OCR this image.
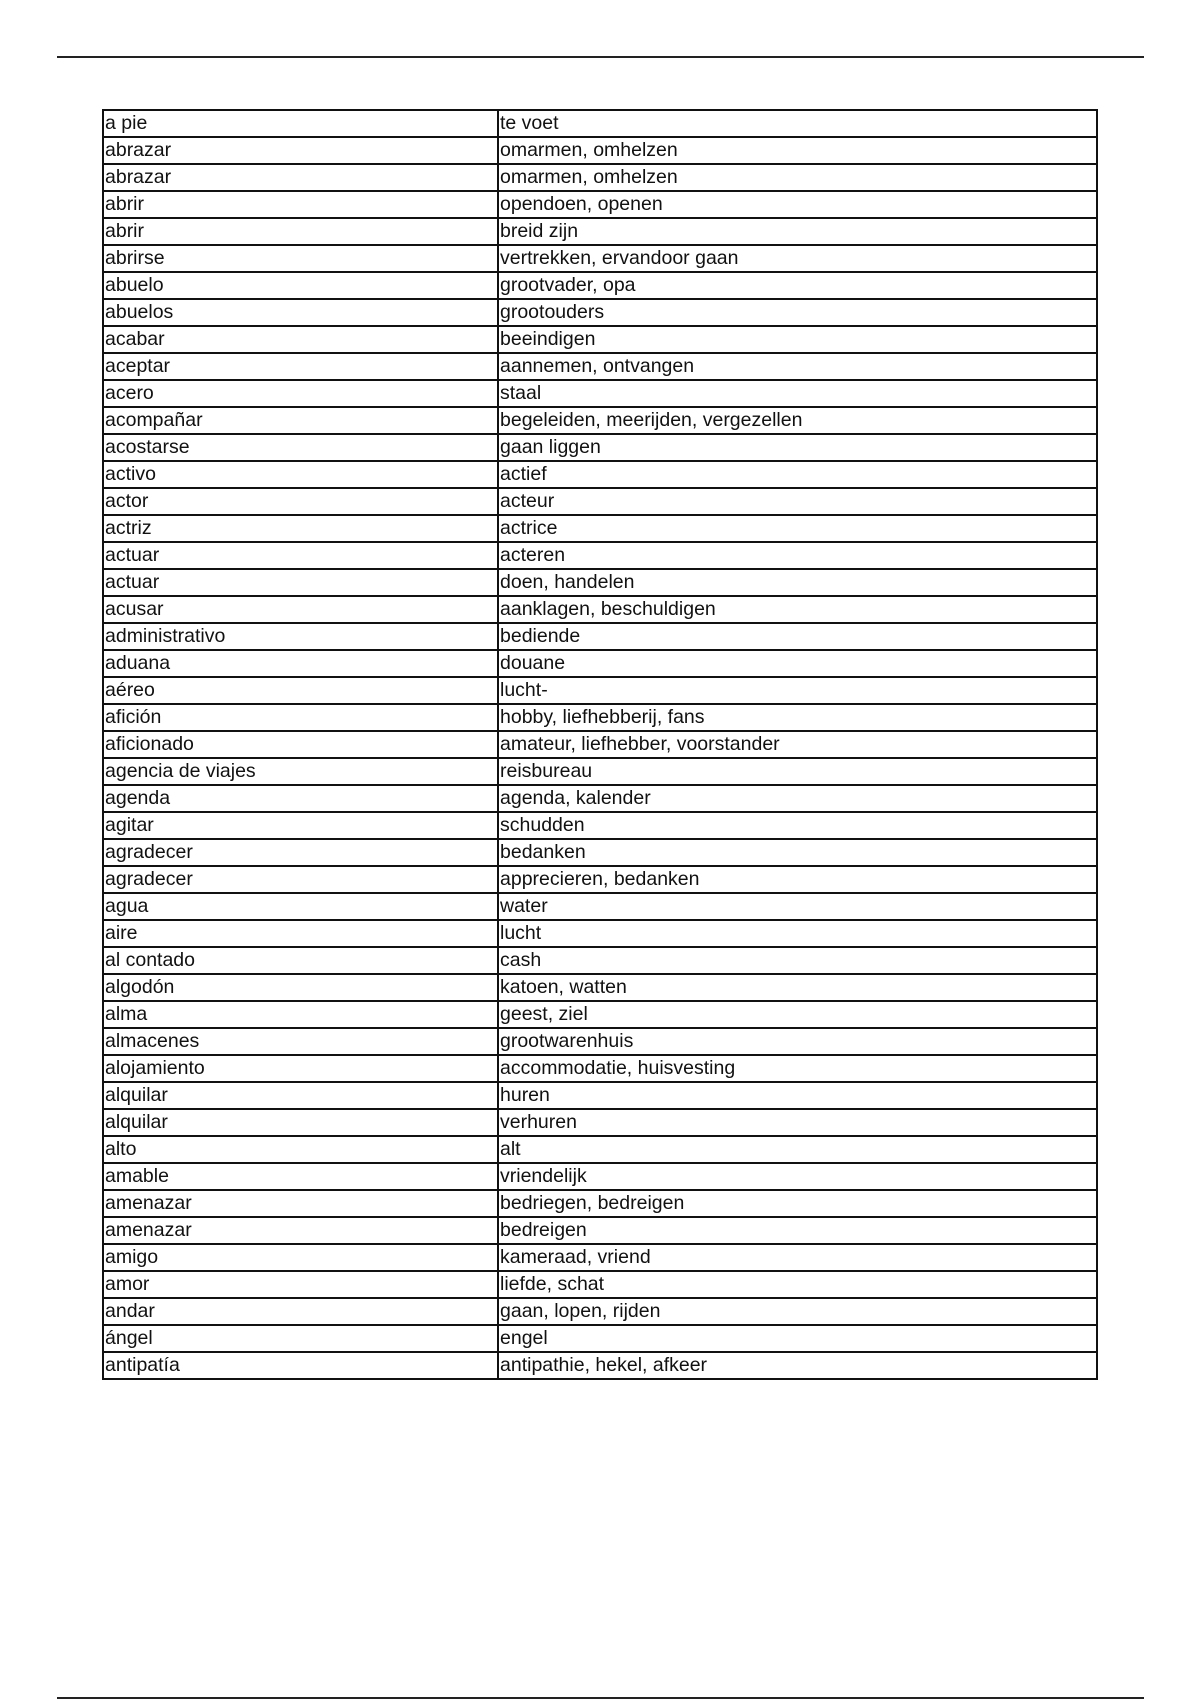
a pie	te voet
abrazar	omarmen, omhelzen
abrazar	omarmen, omhelzen
abrir	opendoen, openen
abrir	breid zijn
abrirse	vertrekken, ervandoor gaan
abuelo	grootvader, opa
abuelos	grootouders
acabar	beeindigen
aceptar	aannemen, ontvangen
acero	staal
acompañar	begeleiden, meerijden, vergezellen
acostarse	gaan liggen
activo	actief
actor	acteur
actriz	actrice
actuar	acteren
actuar	doen, handelen
acusar	aanklagen, beschuldigen
administrativo	bediende
aduana	douane
aéreo	lucht-
afición	hobby, liefhebberij, fans
aficionado	amateur, liefhebber, voorstander
agencia de viajes	reisbureau
agenda	agenda, kalender
agitar	schudden
agradecer	bedanken
agradecer	apprecieren, bedanken
agua	water
aire	lucht
al contado	cash
algodón	katoen, watten
alma	geest, ziel
almacenes	grootwarenhuis
alojamiento	accommodatie, huisvesting
alquilar	huren
alquilar	verhuren
alto	alt
amable	vriendelijk
amenazar	bedriegen, bedreigen
amenazar	bedreigen
amigo	kameraad, vriend
amor	liefde, schat
andar	gaan, lopen, rijden
ángel	engel
antipatía	antipathie, hekel, afkeer
